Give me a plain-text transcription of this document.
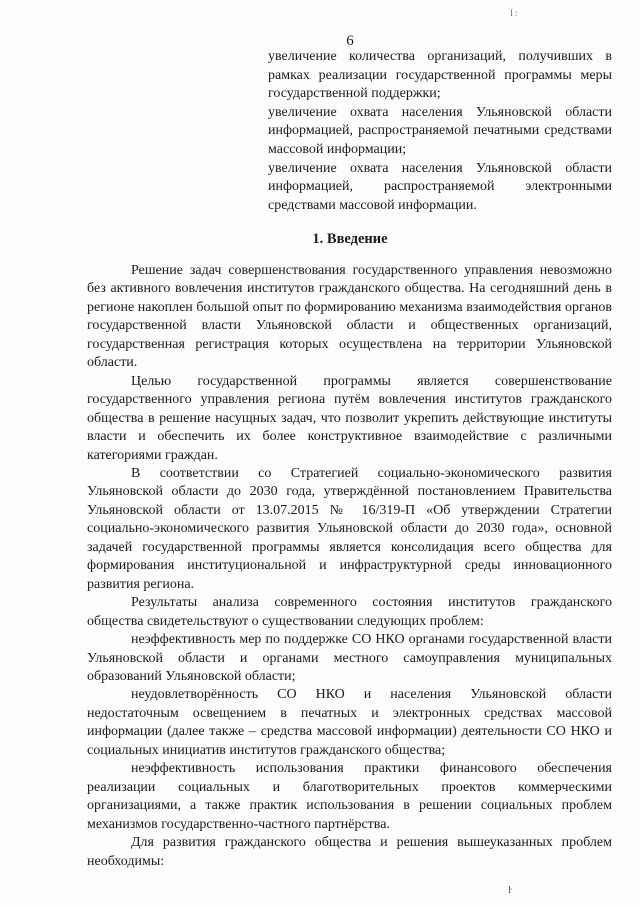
I:
6

увеличение количества организаций, получивших в рамках реализации государственной программы меры государственной поддержки;

увеличение охвата населения Ульяновской области информацией, распространяемой печатными средствами массовой информации;

увеличение охвата населения Ульяновской области информацией, распространяемой электронными средствами массовой информации.

1. Введение

Решение задач совершенствования государственного управления невозможно без активного вовлечения институтов гражданского общества. На сегодняшний день в регионе накоплен большой опыт по формированию механизма взаимодействия органов государственной власти Ульяновской области и общественных организаций, государственная регистрация которых осуществлена на территории Ульяновской области.

Целью государственной программы является совершенствование государственного управления региона путём вовлечения институтов гражданского общества в решение насущных задач, что позволит укрепить действующие институты власти и обеспечить их более конструктивное взаимодействие с различными категориями граждан.

В соответствии со Стратегией социально-экономического развития Ульяновской области до 2030 года, утверждённой постановлением Правительства Ульяновской области от 13.07.2015 № 16/319-П «Об утверждении Стратегии социально-экономического развития Ульяновской области до 2030 года», основной задачей государственной программы является консолидация всего общества для формирования институциональной и инфраструктурной среды инновационного развития региона.

Результаты анализа современного состояния институтов гражданского общества свидетельствуют о существовании следующих проблем:

неэффективность мер по поддержке СО НКО органами государственной власти Ульяновской области и органами местного самоуправления муниципальных образований Ульяновской области;

неудовлетворённость СО НКО и населения Ульяновской области недостаточным освещением в печатных и электронных средствах массовой информации (далее также – средства массовой информации) деятельности СО НКО и социальных инициатив институтов гражданского общества;

неэффективность использования практики финансового обеспечения реализации социальных и благотворительных проектов коммерческими организациями, а также практик использования в решении социальных проблем механизмов государственно-частного партнёрства.

Для развития гражданского общества и решения вышеуказанных проблем необходимы:

ŀ
